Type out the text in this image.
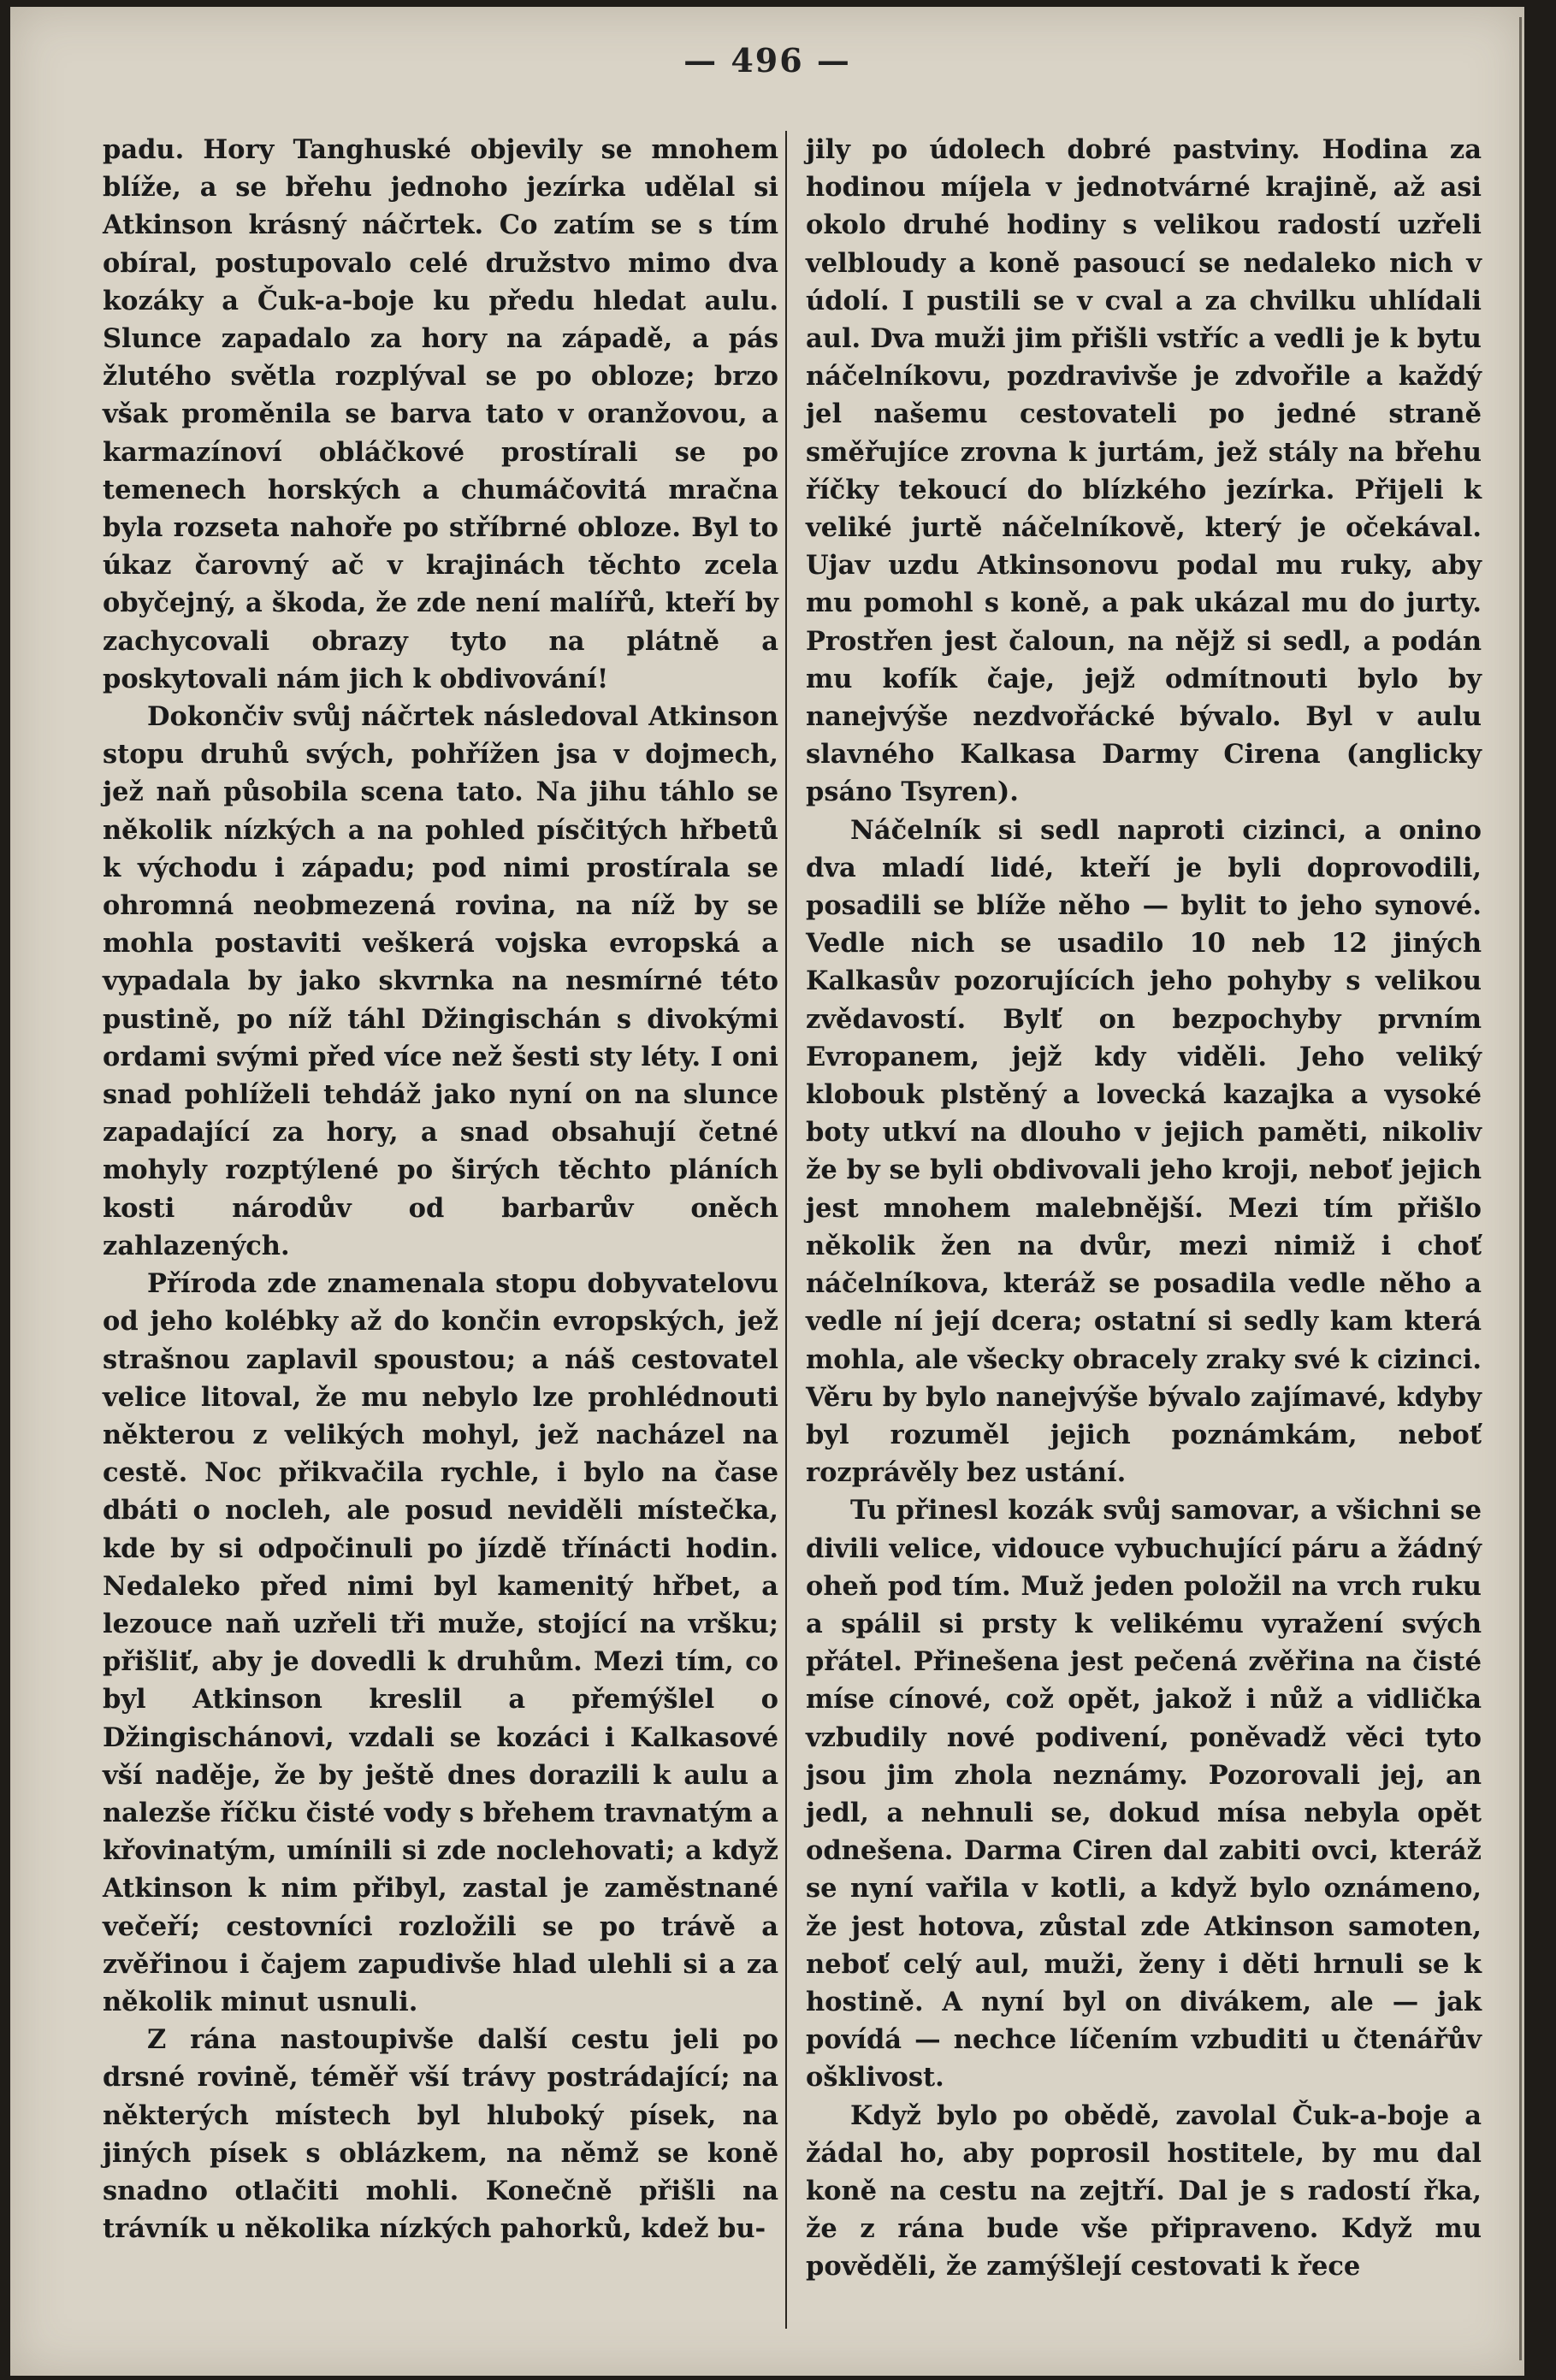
— 496 —

padu. Hory Tanghuské objevily se mnohem blíže, a se břehu jednoho jezírka udělal si Atkinson krásný náčrtek. Co zatím se s tím obíral, postupovalo celé družstvo mimo dva kozáky a Čuk-a-boje ku předu hledat aulu. Slunce zapadalo za hory na západě, a pás žlutého světla rozplýval se po obloze; brzo však proměnila se barva tato v oranžovou, a karmazínoví obláčkové prostírali se po temenech horských a chumáčovitá mračna byla rozseta nahoře po stříbrné obloze. Byl to úkaz čarovný ač v krajinách těchto zcela obyčejný, a škoda, že zde není malířů, kteří by zachycovali obrazy tyto na plátně a poskytovali nám jich k obdivování!

Dokončiv svůj náčrtek následoval Atkinson stopu druhů svých, pohřížen jsa v dojmech, jež naň působila scena tato. Na jihu táhlo se několik nízkých a na pohled písčitých hřbetů k východu i západu; pod nimi prostírala se ohromná neobmezená rovina, na níž by se mohla postaviti veškerá vojska evropská a vypadala by jako skvrnka na nesmírné této pustině, po níž táhl Džingischán s divokými ordami svými před více než šesti sty léty. I oni snad pohlíželi tehdáž jako nyní on na slunce zapadající za hory, a snad obsahují četné mohyly rozptýlené po širých těchto pláních kosti národův od barbarův oněch zahlazených.

Příroda zde znamenala stopu dobyvatelovu od jeho kolébky až do končin evropských, jež strašnou zaplavil spoustou; a náš cestovatel velice litoval, že mu nebylo lze prohlédnouti některou z velikých mohyl, jež nacházel na cestě. Noc přikvačila rychle, i bylo na čase dbáti o nocleh, ale posud neviděli místečka, kde by si odpočinuli po jízdě třínácti hodin. Nedaleko před nimi byl kamenitý hřbet, a lezouce naň uzřeli tři muže, stojící na vršku; přišliť, aby je dovedli k druhům. Mezi tím, co byl Atkinson kreslil a přemýšlel o Džingischánovi, vzdali se kozáci i Kalkasové vší naděje, že by ještě dnes dorazili k aulu a nalezše říčku čisté vody s břehem travnatým a křovinatým, umínili si zde noclehovati; a když Atkinson k nim přibyl, zastal je zaměstnané večeří; cestovníci rozložili se po trávě a zvěřinou i čajem zapudivše hlad ulehli si a za několik minut usnuli.

Z rána nastoupivše další cestu jeli po drsné rovině, téměř vší trávy postrádající; na některých místech byl hluboký písek, na jiných písek s oblázkem, na němž se koně snadno otlačiti mohli. Konečně přišli na trávník u několika nízkých pahorků, kdež bu-

jily po údolech dobré pastviny. Hodina za hodinou míjela v jednotvárné krajině, až asi okolo druhé hodiny s velikou radostí uzřeli velbloudy a koně pasoucí se nedaleko nich v údolí. I pustili se v cval a za chvilku uhlídali aul. Dva muži jim přišli vstříc a vedli je k bytu náčelníkovu, pozdravivše je zdvořile a každý jel našemu cestovateli po jedné straně směřujíce zrovna k jurtám, jež stály na břehu říčky tekoucí do blízkého jezírka. Přijeli k veliké jurtě náčelníkově, který je očekával. Ujav uzdu Atkinsonovu podal mu ruky, aby mu pomohl s koně, a pak ukázal mu do jurty. Prostřen jest čaloun, na nějž si sedl, a podán mu kofík čaje, jejž odmítnouti bylo by nanejvýše nezdvořácké bývalo. Byl v aulu slavného Kalkasa Darmy Cirena (anglicky psáno Tsyren).

Náčelník si sedl naproti cizinci, a onino dva mladí lidé, kteří je byli doprovodili, posadili se blíže něho — bylit to jeho synové. Vedle nich se usadilo 10 neb 12 jiných Kalkasův pozorujících jeho pohyby s velikou zvědavostí. Bylť on bezpochyby prvním Evropanem, jejž kdy viděli. Jeho veliký klobouk plstěný a lovecká kazajka a vysoké boty utkví na dlouho v jejich paměti, nikoliv že by se byli obdivovali jeho kroji, neboť jejich jest mnohem malebnější. Mezi tím přišlo několik žen na dvůr, mezi nimiž i choť náčelníkova, kteráž se posadila vedle něho a vedle ní její dcera; ostatní si sedly kam která mohla, ale všecky obracely zraky své k cizinci. Věru by bylo nanejvýše bývalo zajímavé, kdyby byl rozuměl jejich poznámkám, neboť rozprávěly bez ustání.

Tu přinesl kozák svůj samovar, a všichni se divili velice, vidouce vybuchující páru a žádný oheň pod tím. Muž jeden položil na vrch ruku a spálil si prsty k velikému vyražení svých přátel. Přinešena jest pečená zvěřina na čisté míse cínové, což opět, jakož i nůž a vidlička vzbudily nové podivení, poněvadž věci tyto jsou jim zhola neznámy. Pozorovali jej, an jedl, a nehnuli se, dokud mísa nebyla opět odnešena. Darma Ciren dal zabiti ovci, kteráž se nyní vařila v kotli, a když bylo oznámeno, že jest hotova, zůstal zde Atkinson samoten, neboť celý aul, muži, ženy i děti hrnuli se k hostině. A nyní byl on divákem, ale — jak povídá — nechce líčením vzbuditi u čtenářův ošklivost.

Když bylo po obědě, zavolal Čuk-a-boje a žádal ho, aby poprosil hostitele, by mu dal koně na cestu na zejtří. Dal je s radostí řka, že z rána bude vše připraveno. Když mu pověděli, že zamýšlejí cestovati k řece
